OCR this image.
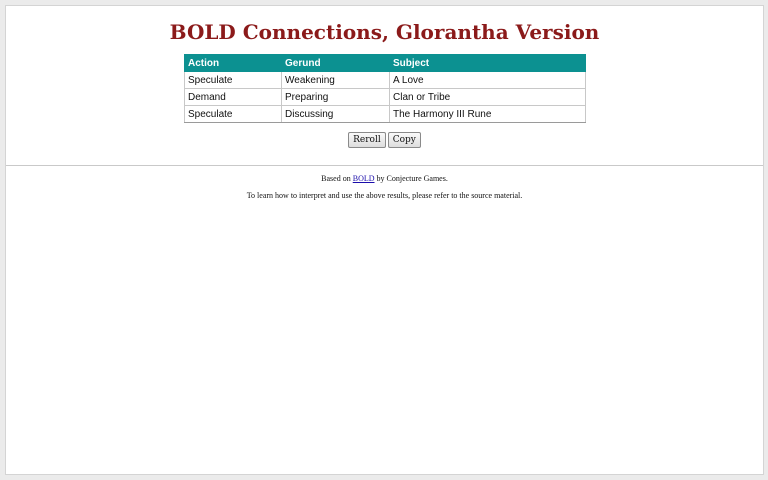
BOLD Connections, Glorantha Version
Action	Gerund	Subject
Speculate	Weakening	A Love
Demand	Preparing	Clan or Tribe
Speculate	Discussing	The Harmony III Rune
Reroll Copy

Based on BOLD by Conjecture Games.

To learn how to interpret and use the above results, please refer to the source material.
